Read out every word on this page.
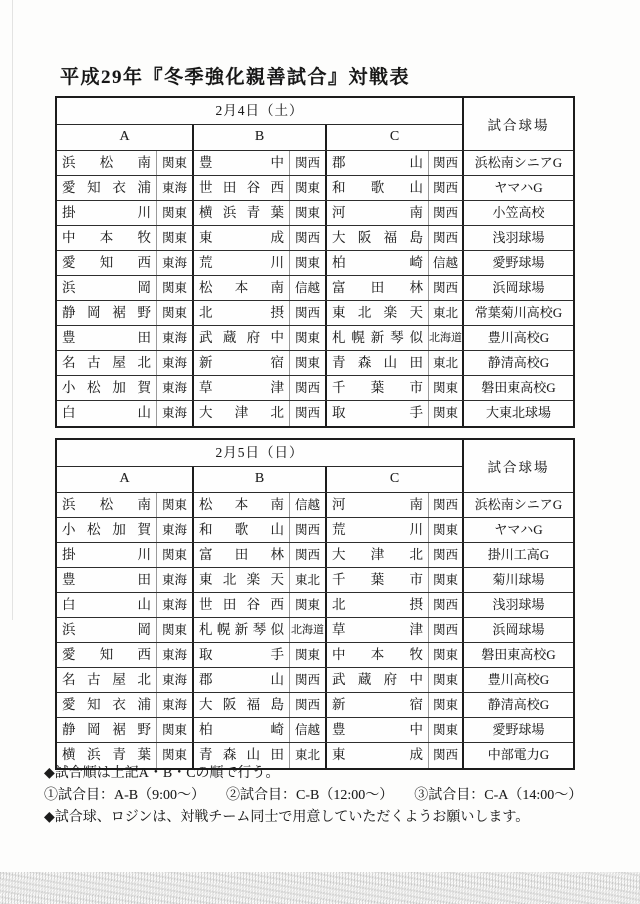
平成29年『冬季強化親善試合』対戦表
2月4日（土）
A	B	C
試合球場
浜松南 関東 豊中 関西 郡山 関西	浜松南シニアG
愛知衣浦 東海 世田谷西 関東 和歌山 関西	ヤマハG
掛川 関東 横浜青葉 関東 河南 関西	小笠高校
中本牧 関東 東成 関西 大阪福島 関西	浅羽球場
愛知西 東海 荒川 関東 柏崎 信越	愛野球場
浜岡 関東 松本南 信越 富田林 関西	浜岡球場
静岡裾野 関東 北摂 関西 東北楽天 東北	常葉菊川高校G
豊田 東海 武蔵府中 関東 札幌新琴似 北海道	豊川高校G
名古屋北 東海 新宿 関東 青森山田 東北	静清高校G
小松加賀 東海 草津 関西 千葉市 関東	磐田東高校G
白山 東海 大津北 関西 取手 関東	大東北球場
2月5日（日）
A	B	C
試合球場
浜松南 関東 松本南 信越 河南 関西	浜松南シニアG
小松加賀 東海 和歌山 関西 荒川 関東	ヤマハG
掛川 関東 富田林 関西 大津北 関西	掛川工高G
豊田 東海 東北楽天 東北 千葉市 関東	菊川球場
白山 東海 世田谷西 関東 北摂 関西	浅羽球場
浜岡 関東 札幌新琴似 北海道 草津 関西	浜岡球場
愛知西 東海 取手 関東 中本牧 関東	磐田東高校G
名古屋北 東海 郡山 関西 武蔵府中 関東	豊川高校G
愛知衣浦 東海 大阪福島 関西 新宿 関東	静清高校G
静岡裾野 関東 柏崎 信越 豊中 関東	愛野球場
横浜青葉 関東 青森山田 東北 東成 関西	中部電力G

◆試合順は上記A・B・Cの順で行う。

①試合目：A-B（9:00～）　　②試合目：C-B（12:00～）　　③試合目：C-A（14:00～）

◆試合球、ロジンは、対戦チーム同士で用意していただくようお願いします。
